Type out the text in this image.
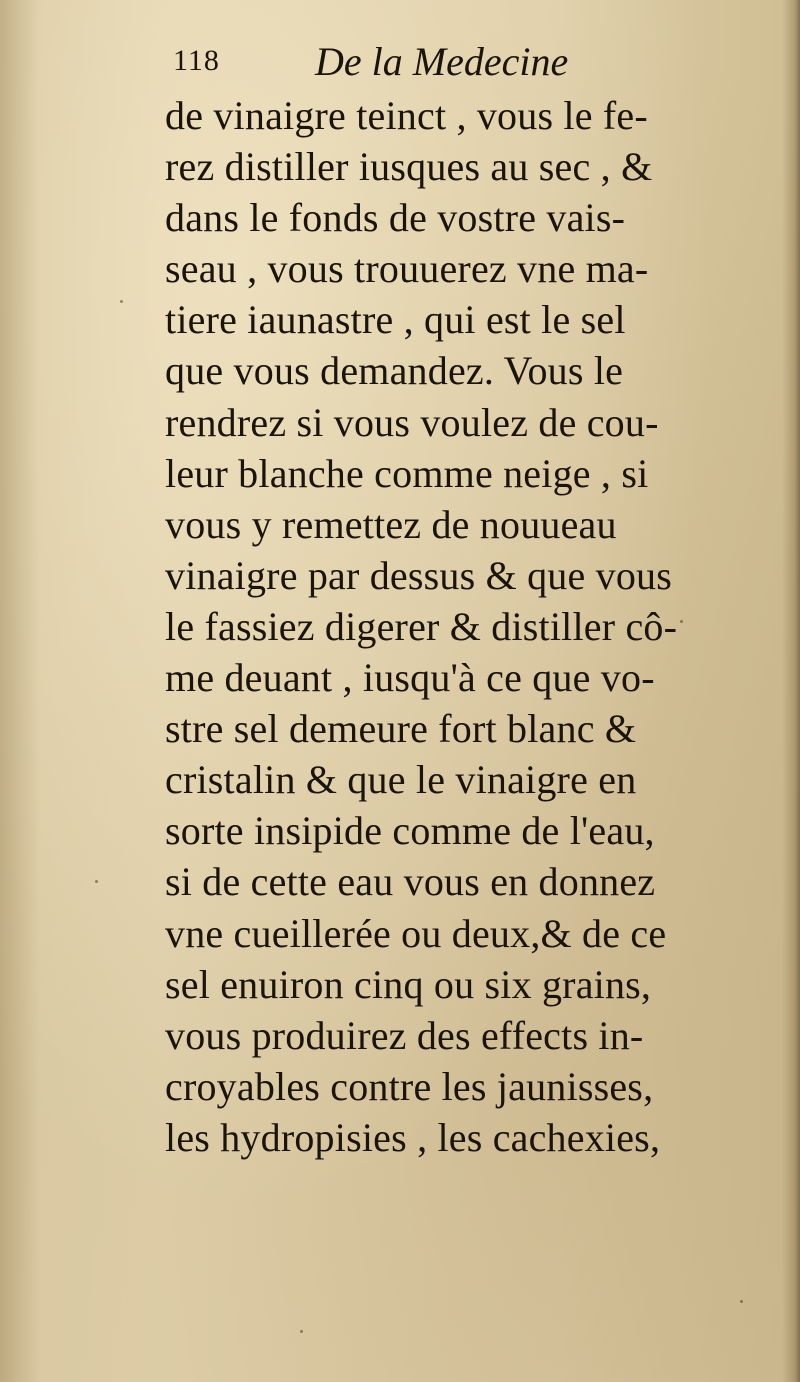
118 De la Medecine
de vinaigre teinct , vous le fe-
rez distiller iusques au sec , &
dans le fonds de vostre vais-
seau , vous trouuerez vne ma-
tiere iaunastre , qui est le sel
que vous demandez. Vous le
rendrez si vous voulez de cou-
leur blanche comme neige , si
vous y remettez de nouueau
vinaigre par dessus & que vous
le fassiez digerer & distiller cô-
me deuant , iusqu'à ce que vo-
stre sel demeure fort blanc &
cristalin & que le vinaigre en
sorte insipide comme de l'eau,
si de cette eau vous en donnez
vne cueillerée ou deux,& de ce
sel enuiron cinq ou six grains,
vous produirez des effects in-
croyables contre les jaunisses,
les hydropisies , les cachexies,
